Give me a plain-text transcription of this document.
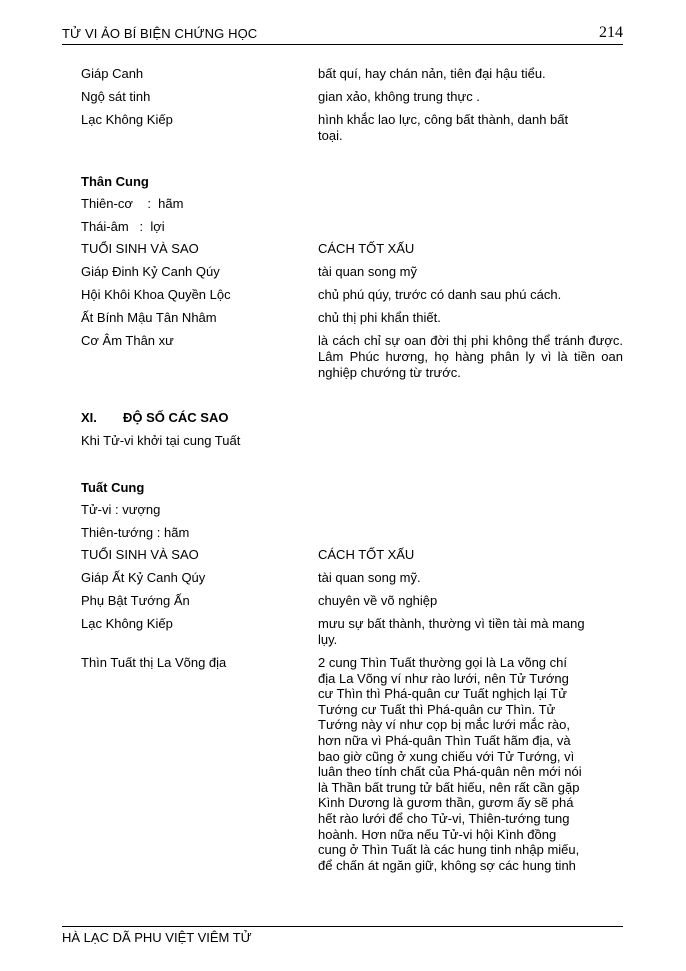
TỬ VI ẢO BÍ BIỆN CHỨNG HỌC	214
Giáp Canh	bất quí, hay chán nản, tiên đại hậu tiểu.
Ngộ sát tinh	gian xảo, không trung thực .
Lạc Không Kiếp	hình khắc lao lực, công bất thành, danh bất toại.
Thân Cung
Thiên-cơ    :  hãm
Thái-âm   :  lợi
TUỔI SINH VÀ SAO	CÁCH TỐT XẤU
Giáp Đinh Kỷ Canh Qúy	tài quan song mỹ
Hội Khôi Khoa Quyền Lộc	chủ phú qúy, trước có danh sau phú cách.
Ất Bính Mậu Tân Nhâm	chủ thị phi khẩn thiết.
Cơ Âm Thân xư	là cách chỉ sự oan đời thị phi không thể tránh được. Lâm Phúc hương, họ hàng phân ly vì là tiền oan nghiệp chướng từ trước.
XI. ĐỘ SỐ CÁC SAO
Khi Tử-vi khởi tại cung Tuất
Tuất Cung
Tử-vi : vượng
Thiên-tướng : hãm
TUỔI SINH VÀ SAO	CÁCH TỐT XẤU
Giáp Ất Kỷ Canh Qúy	tài quan song mỹ.
Phụ Bật Tướng Ấn	chuyên về võ nghiệp
Lạc Không Kiếp	mưu sự bất thành, thường vì tiền tài mà mang lụy.
Thìn Tuất thị La Võng địa	2 cung Thìn Tuất thường gọi là La võng chí
địa La Võng ví như rào lưới, nên Tử Tướng
cư Thìn thì Phá-quân cư Tuất nghịch lại Tử
Tướng cư Tuất thì Phá-quân cư Thìn. Tử
Tướng này ví như cọp bị mắc lưới mắc rào,
hơn nữa vì Phá-quân Thìn Tuất hãm địa, và
bao giờ cũng ở xung chiếu với Tử Tướng, vì
luân theo tính chất của Phá-quân nên mới nói
là Thần bất trung tử bất hiếu, nên rất cần gặp
Kình Dương là gươm thần, gươm ấy sẽ phá
hết rào lưới để cho Tử-vi, Thiên-tướng tung
hoành. Hơn nữa nếu Tử-vi hội Kình đồng
cung ở Thìn Tuất là các hung tinh nhập miếu,
để chấn át ngăn giữ, không sợ các hung tinh
HÀ LẠC DÃ PHU VIỆT VIÊM TỬ
